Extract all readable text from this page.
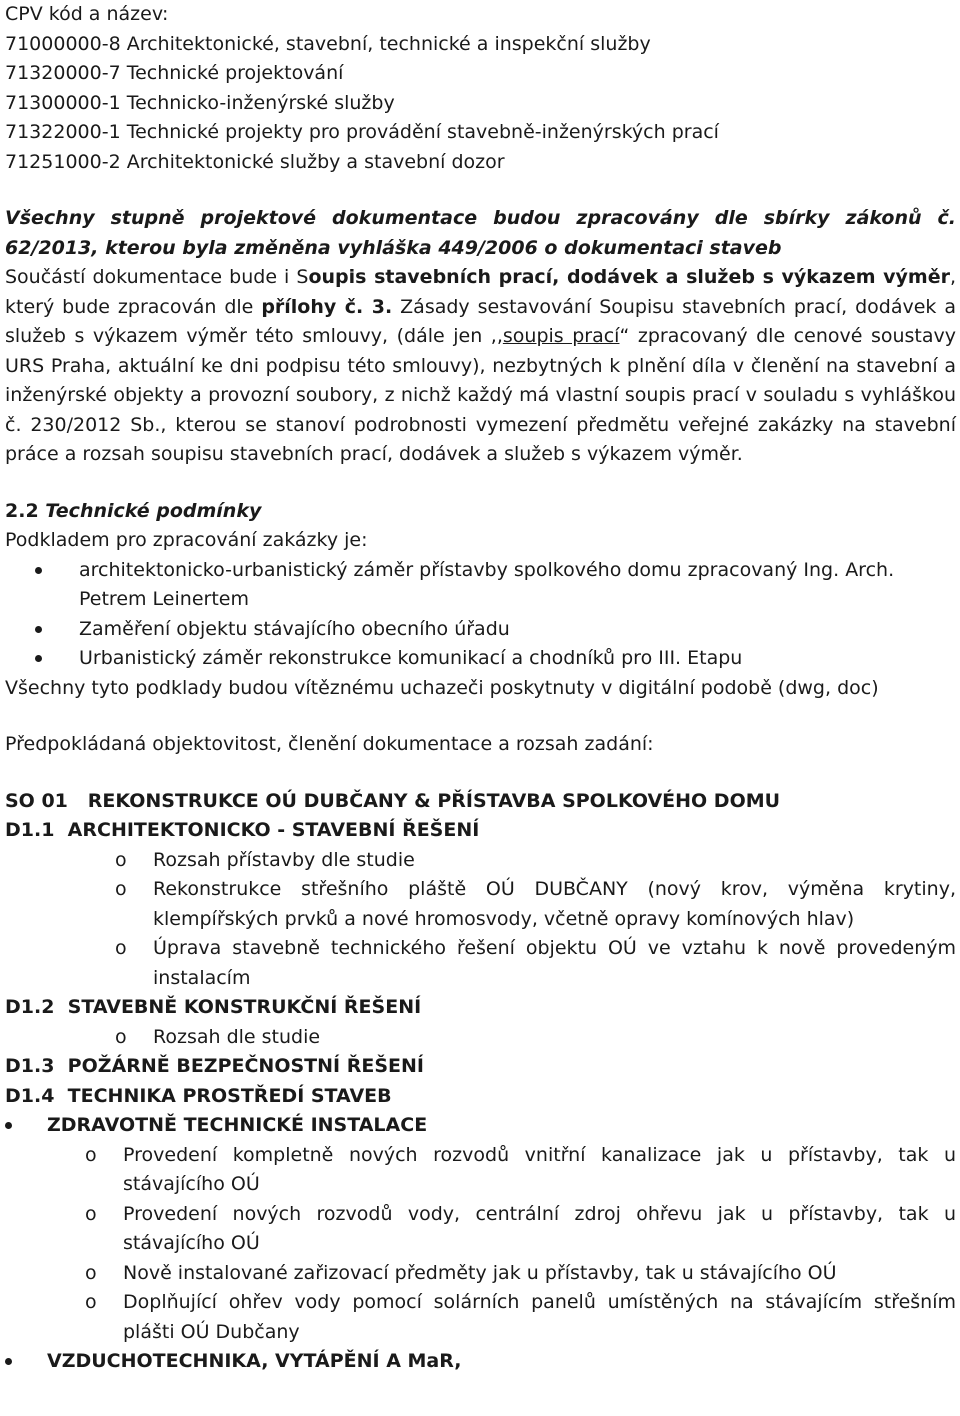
CPV kód a název:
71000000-8 Architektonické, stavební, technické a inspekční služby
71320000-7 Technické projektování
71300000-1 Technicko-inženýrské služby
71322000-1 Technické projekty pro provádění stavebně-inženýrských prací
71251000-2 Architektonické služby a stavební dozor
Všechny stupně projektové dokumentace budou zpracovány dle sbírky zákonů č. 62/2013, kterou byla změněna vyhláška 449/2006 o dokumentaci staveb
Součástí dokumentace bude i Soupis stavebních prací, dodávek a služeb s výkazem výměr, který bude zpracován dle přílohy č. 3. Zásady sestavování Soupisu stavebních prací, dodávek a služeb s výkazem výměr této smlouvy, (dále jen ,,soupis prací“ zpracovaný dle cenové soustavy URS Praha, aktuální ke dni podpisu této smlouvy), nezbytných k plnění díla v členění na stavební a inženýrské objekty a provozní soubory, z nichž každý má vlastní soupis prací v souladu s vyhláškou č. 230/2012 Sb., kterou se stanoví podrobnosti vymezení předmětu veřejné zakázky na stavební práce a rozsah soupisu stavebních prací, dodávek a služeb s výkazem výměr.
2.2 Technické podmínky
Podkladem pro zpracování zakázky je:
architektonicko-urbanistický záměr přístavby spolkového domu zpracovaný Ing. Arch. Petrem Leinertem
Zaměření objektu stávajícího obecního úřadu
Urbanistický záměr rekonstrukce komunikací a chodníků pro III. Etapu
Všechny tyto podklady budou vítěznému uchazeči poskytnuty v digitální podobě (dwg, doc)
Předpokládaná objektovitost, členění dokumentace a rozsah zadání:
SO 01   REKONSTRUKCE OÚ DUBČANY & PŘÍSTAVBA SPOLKOVÉHO DOMU
D1.1  ARCHITEKTONICKO - STAVEBNÍ ŘEŠENÍ
o Rozsah přístavby dle studie
o Rekonstrukce střešního pláště OÚ DUBČANY (nový krov, výměna krytiny, klempířských prvků a nové hromosvody, včetně opravy komínových hlav)
o Úprava stavebně technického řešení objektu OÚ ve vztahu k nově provedeným instalacím
D1.2  STAVEBNĚ KONSTRUKČNÍ ŘEŠENÍ
o Rozsah dle studie
D1.3  POŽÁRNĚ BEZPEČNOSTNÍ ŘEŠENÍ
D1.4  TECHNIKA PROSTŘEDÍ STAVEB
ZDRAVOTNĚ TECHNICKÉ INSTALACE
o Provedení kompletně nových rozvodů vnitřní kanalizace jak u přístavby, tak u stávajícího OÚ
o Provedení nových rozvodů vody, centrální zdroj ohřevu jak u přístavby, tak u stávajícího OÚ
o Nově instalované zařizovací předměty jak u přístavby, tak u stávajícího OÚ
o Doplňující ohřev vody pomocí solárních panelů umístěných na stávajícím střešním plášti OÚ Dubčany
VZDUCHOTECHNIKA, VYTÁPĚNÍ A MaR,
